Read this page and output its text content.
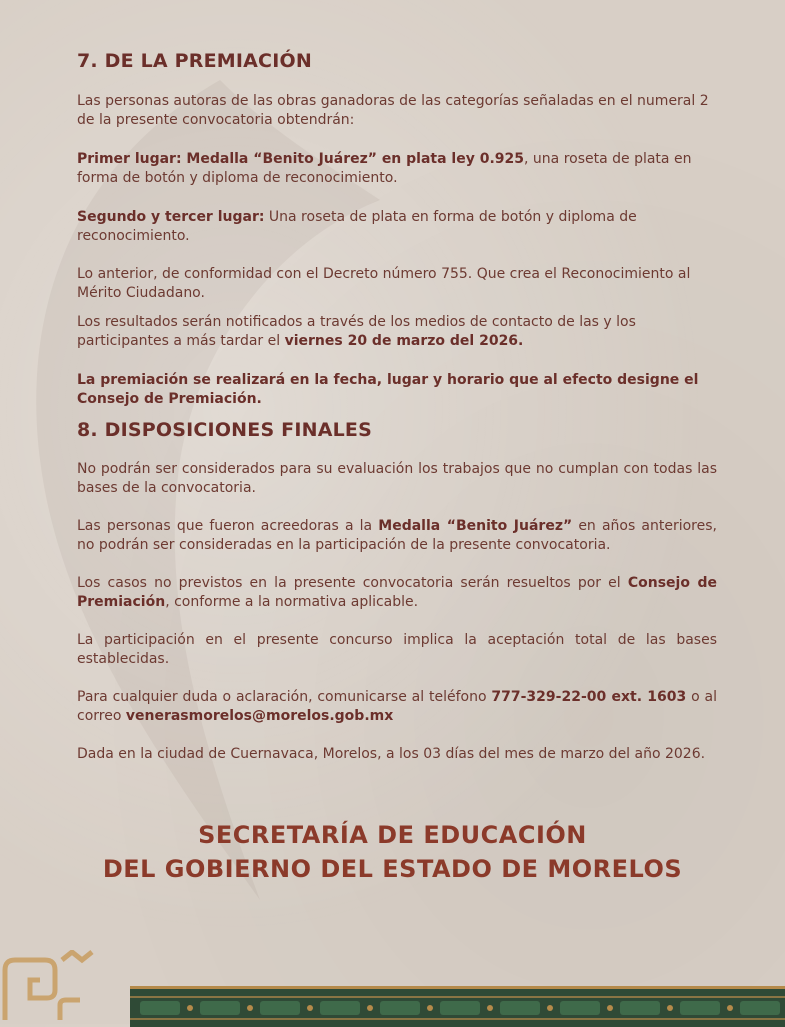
7. DE LA PREMIACIÓN

Las personas autoras de las obras ganadoras de las categorías señaladas en el numeral 2 de la presente convocatoria obtendrán:

Primer lugar: Medalla “Benito Juárez” en plata ley 0.925, una roseta de plata en forma de botón y diploma de reconocimiento.

Segundo y tercer lugar: Una roseta de plata en forma de botón y diploma de reconocimiento.

Lo anterior, de conformidad con el Decreto número 755. Que crea el Reconocimiento al Mérito Ciudadano.

Los resultados serán notificados a través de los medios de contacto de las y los participantes a más tardar el viernes 20 de marzo del 2026.

La premiación se realizará en la fecha, lugar y horario que al efecto designe el Consejo de Premiación.

8. DISPOSICIONES FINALES

No podrán ser considerados para su evaluación los trabajos que no cumplan con todas las bases de la convocatoria.

Las personas que fueron acreedoras a la Medalla “Benito Juárez” en años anteriores, no podrán ser consideradas en la participación de la presente convocatoria.

Los casos no previstos en la presente convocatoria serán resueltos por el Consejo de Premiación, conforme a la normativa aplicable.

La participación en el presente concurso implica la aceptación total de las bases establecidas.

Para cualquier duda o aclaración, comunicarse al teléfono 777-329-22-00 ext. 1603 o al correo venerasmorelos@morelos.gob.mx

Dada en la ciudad de Cuernavaca, Morelos, a los 03 días del mes de marzo del año 2026.

SECRETARÍA DE EDUCACIÓN
DEL GOBIERNO DEL ESTADO DE MORELOS
